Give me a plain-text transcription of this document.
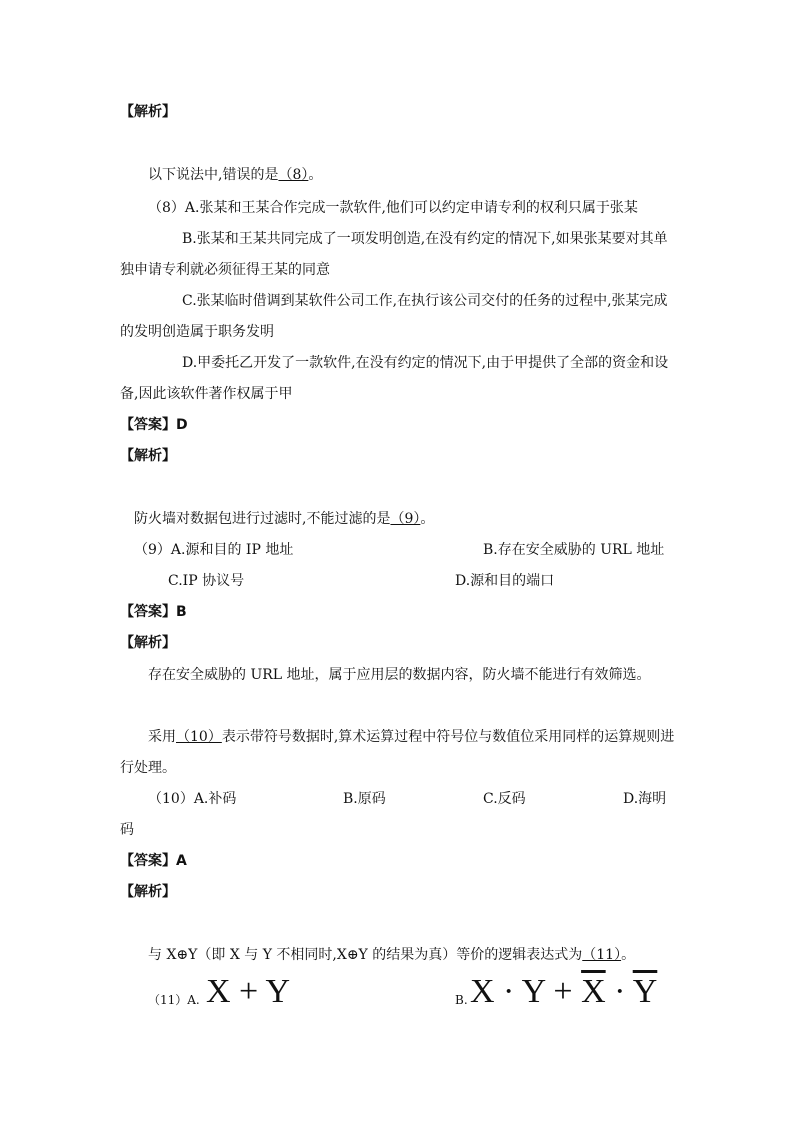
【解析】
以下说法中,错误的是（8）。
（8）A.张某和王某合作完成一款软件,他们可以约定申请专利的权利只属于张某
B.张某和王某共同完成了一项发明创造,在没有约定的情况下,如果张某要对其单
独申请专利就必须征得王某的同意
C.张某临时借调到某软件公司工作,在执行该公司交付的任务的过程中,张某完成
的发明创造属于职务发明
D.甲委托乙开发了一款软件,在没有约定的情况下,由于甲提供了全部的资金和设
备,因此该软件著作权属于甲
【答案】D
【解析】
防火墙对数据包进行过滤时,不能过滤的是（9）。
（9）A.源和目的 IP 地址	B.存在安全威胁的 URL 地址
C.IP 协议号	D.源和目的端口
【答案】B
【解析】
存在安全威胁的 URL 地址，属于应用层的数据内容，防火墙不能进行有效筛选。
采用（10）表示带符号数据时,算术运算过程中符号位与数值位采用同样的运算规则进
行处理。
（10）A.补码	B.原码	C.反码	D.海明
码
【答案】A
【解析】
与 X⊕Y（即 X 与 Y 不相同时,X⊕Y 的结果为真）等价的逻辑表达式为（11）。
（11）A. X + Y	B. $X \cdot Y + \overline{X} \cdot \overline{Y}$
